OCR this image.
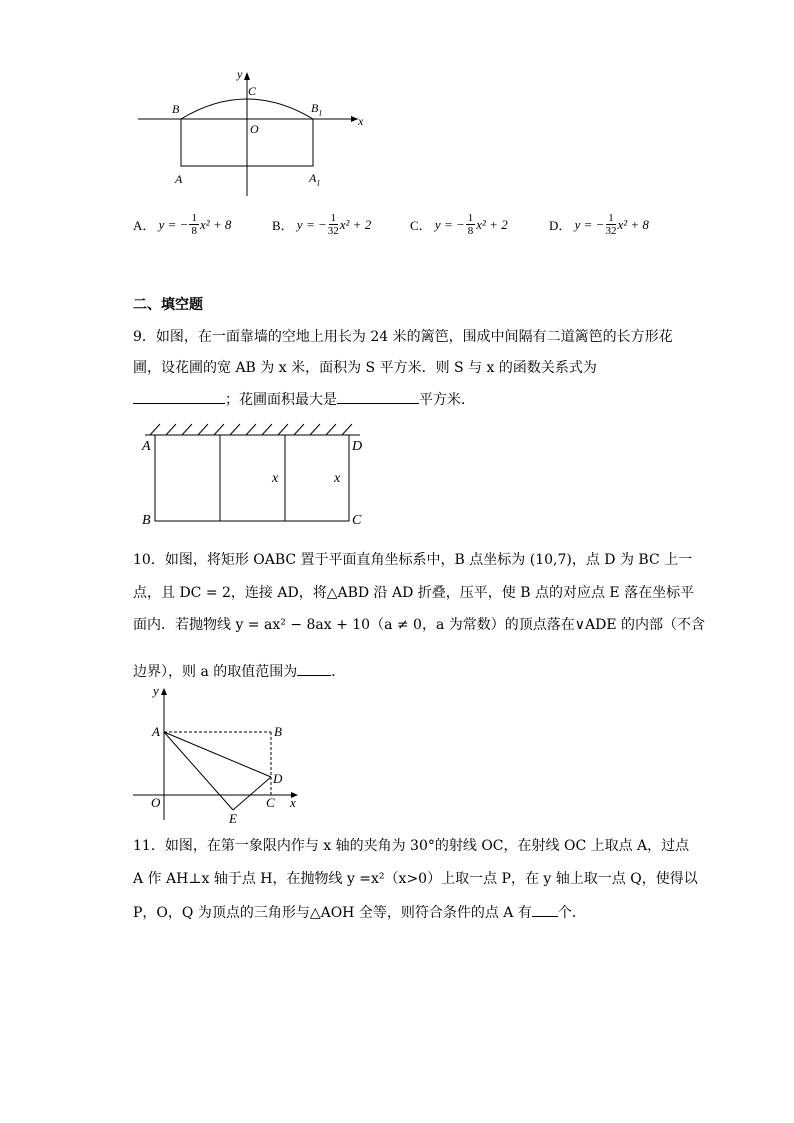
y
x
C
O
B	$B_1$
A	$A_1$
A．
y = − $\frac{1}{8} x^2 + 8$	B．
y = − $\frac{1}{32} x^2 + 2$	C．
y = − $\frac{1}{8} x^2 + 2$	D．
y = − $\frac{1}{32} x^2 + 8$
二、填空题
9．如图，在一面靠墙的空地上用长为 24 米的篱笆，围成中间隔有二道篱笆的长方形花
圃，设花圃的宽 AB 为 x 米，面积为 S 平方米．则 S 与 x 的函数关系式为
；花圃面积最大是	平方米．
A	D
B	C
x	x
10．如图，将矩形 OABC 置于平面直角坐标系中，B 点坐标为 (10,7)，点 D 为 BC 上一
点，且 DC = 2，连接 AD，将△ABD 沿 AD 折叠，压平，使 B 点的对应点 E 落在坐标平
面内．若抛物线 y = ax² − 8ax + 10（a ≠ 0，a 为常数）的顶点落在∨ADE 的内部（不含
边界），则 a 的取值范围为 ．
y
A	B
D
O
E
C x
11．如图，在第一象限内作与 x 轴的夹角为 30°的射线 OC，在射线 OC 上取点 A，过点
A 作 AH⊥x 轴于点 H，在抛物线 y =x²（x>0）上取一点 P，在 y 轴上取一点 Q，使得以
P，O，Q 为顶点的三角形与△AOH 全等，则符合条件的点 A 有 个．
